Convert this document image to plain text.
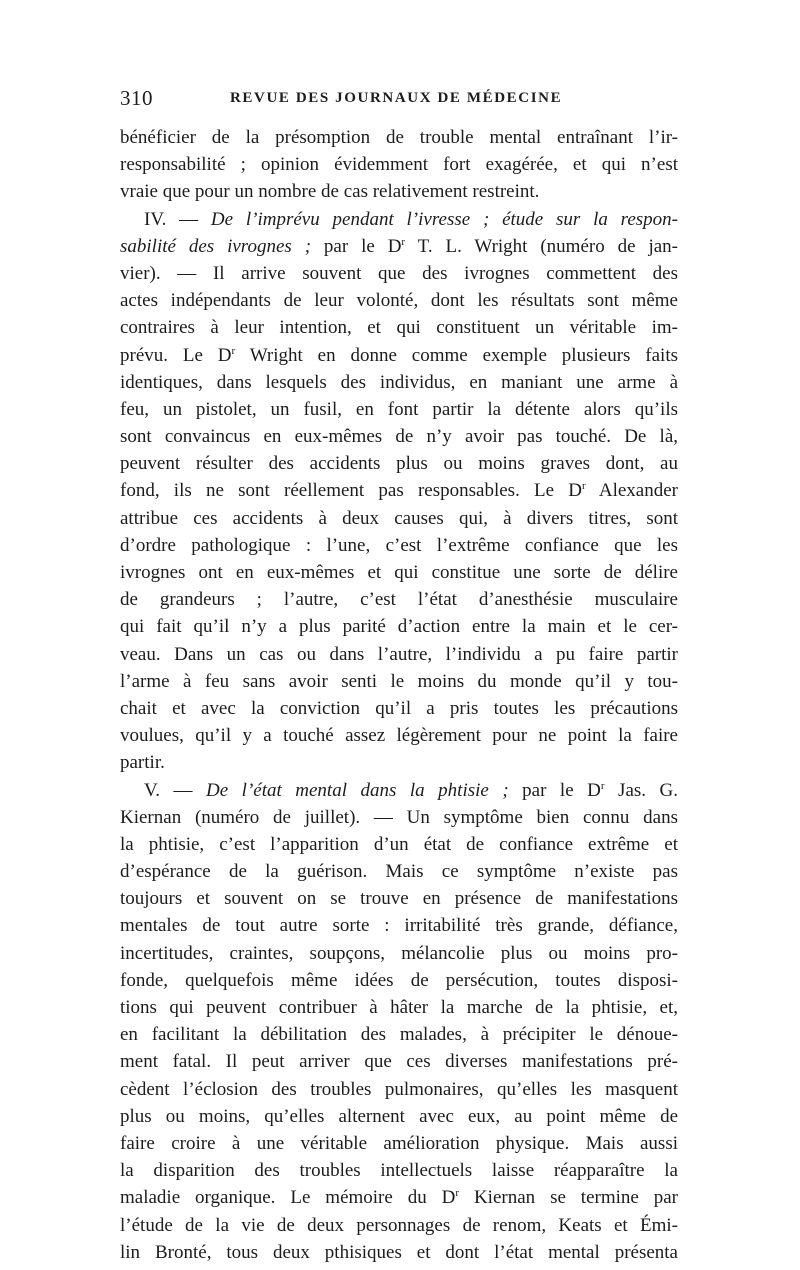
310	REVUE DES JOURNAUX DE MÉDECINE
bénéficier de la présomption de trouble mental entraînant l’ir-
responsabilité ; opinion évidemment fort exagérée, et qui n’est
vraie que pour un nombre de cas relativement restreint.
IV. — De l’imprévu pendant l’ivresse ; étude sur la respon-
sabilité des ivrognes ; par le $D^r$ T. L. Wright (numéro de jan-
vier). — Il arrive souvent que des ivrognes commettent des
actes indépendants de leur volonté, dont les résultats sont même
contraires à leur intention, et qui constituent un véritable im-
prévu. Le $D^r$ Wright en donne comme exemple plusieurs faits
identiques, dans lesquels des individus, en maniant une arme à
feu, un pistolet, un fusil, en font partir la détente alors qu’ils
sont convaincus en eux-mêmes de n’y avoir pas touché. De là,
peuvent résulter des accidents plus ou moins graves dont, au
fond, ils ne sont réellement pas responsables. Le $D^r$ Alexander
attribue ces accidents à deux causes qui, à divers titres, sont
d’ordre pathologique : l’une, c’est l’extrême confiance que les
ivrognes ont en eux-mêmes et qui constitue une sorte de délire
de grandeurs ; l’autre, c’est l’état d’anesthésie musculaire
qui fait qu’il n’y a plus parité d’action entre la main et le cer-
veau. Dans un cas ou dans l’autre, l’individu a pu faire partir
l’arme à feu sans avoir senti le moins du monde qu’il y tou-
chait et avec la conviction qu’il a pris toutes les précautions
voulues, qu’il y a touché assez légèrement pour ne point la faire
partir.
V. — De l’état mental dans la phtisie ; par le $D^r$ Jas. G.
Kiernan (numéro de juillet). — Un symptôme bien connu dans
la phtisie, c’est l’apparition d’un état de confiance extrême et
d’espérance de la guérison. Mais ce symptôme n’existe pas
toujours et souvent on se trouve en présence de manifestations
mentales de tout autre sorte : irritabilité très grande, défiance,
incertitudes, craintes, soupçons, mélancolie plus ou moins pro-
fonde, quelquefois même idées de persécution, toutes disposi-
tions qui peuvent contribuer à hâter la marche de la phtisie, et,
en facilitant la débilitation des malades, à précipiter le dénoue-
ment fatal. Il peut arriver que ces diverses manifestations pré-
cèdent l’éclosion des troubles pulmonaires, qu’elles les masquent
plus ou moins, qu’elles alternent avec eux, au point même de
faire croire à une véritable amélioration physique. Mais aussi
la disparition des troubles intellectuels laisse réapparaître la
maladie organique. Le mémoire du $D^r$ Kiernan se termine par
l’étude de la vie de deux personnages de renom, Keats et Émi-
lin Bronté, tous deux pthisiques et dont l’état mental présenta
